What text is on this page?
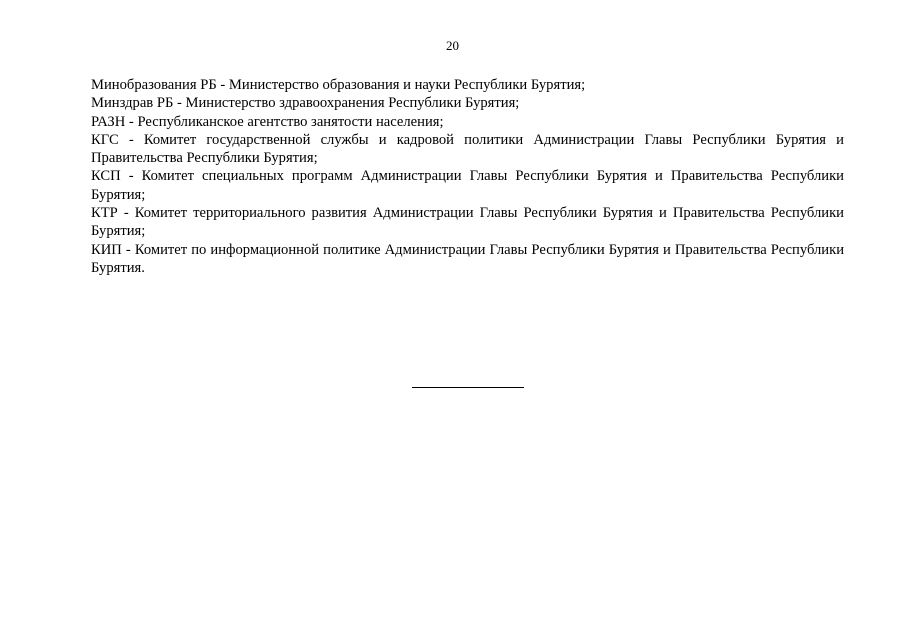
20
Минобразования РБ - Министерство образования и науки Республики Бурятия;
Минздрав РБ - Министерство здравоохранения Республики Бурятия;
РАЗН - Республиканское агентство занятости населения;
КГС - Комитет государственной службы и кадровой политики Администрации Главы Республики Бурятия и Правительства Республики Бурятия;
КСП - Комитет специальных программ Администрации Главы Республики Бурятия и Правительства Республики Бурятия;
КТР - Комитет территориального развития Администрации Главы Республики Бурятия и Правительства Республики Бурятия;
КИП - Комитет по информационной политике Администрации Главы Республики Бурятия и Правительства Республики Бурятия.
